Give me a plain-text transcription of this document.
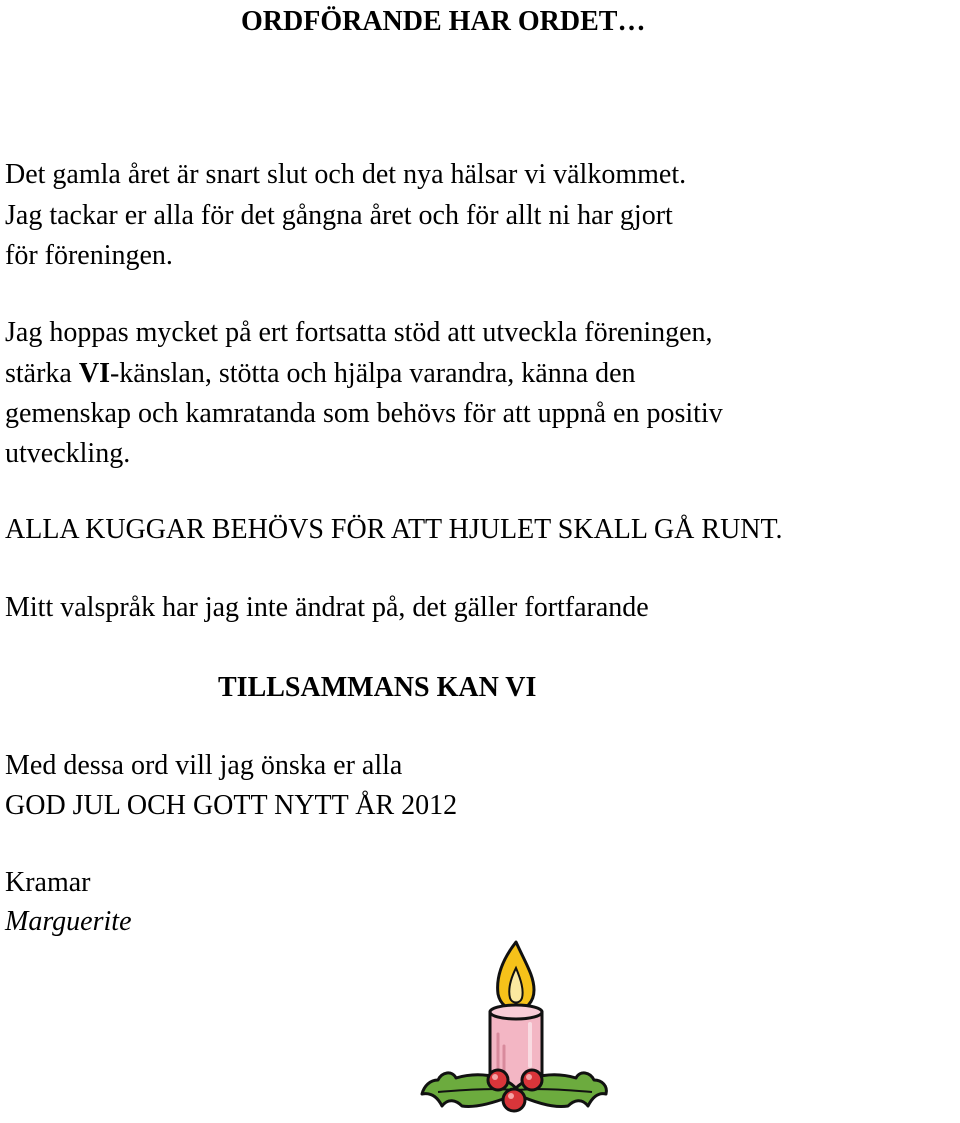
ORDFÖRANDE HAR ORDET…

Det gamla året är snart slut och det nya hälsar vi välkommet.

Jag tackar er alla för det gångna året och för allt ni har gjort

för föreningen.

Jag hoppas mycket på ert fortsatta stöd att utveckla föreningen,

stärka VI-känslan, stötta och hjälpa varandra, känna den

gemenskap och kamratanda som behövs för att uppnå en positiv

utveckling.

ALLA KUGGAR BEHÖVS FÖR ATT HJULET SKALL GÅ RUNT.

Mitt valspråk har jag inte ändrat på, det gäller fortfarande

TILLSAMMANS KAN VI

Med dessa ord vill jag önska er alla

GOD JUL OCH GOTT NYTT ÅR 2012

Kramar

Marguerite
